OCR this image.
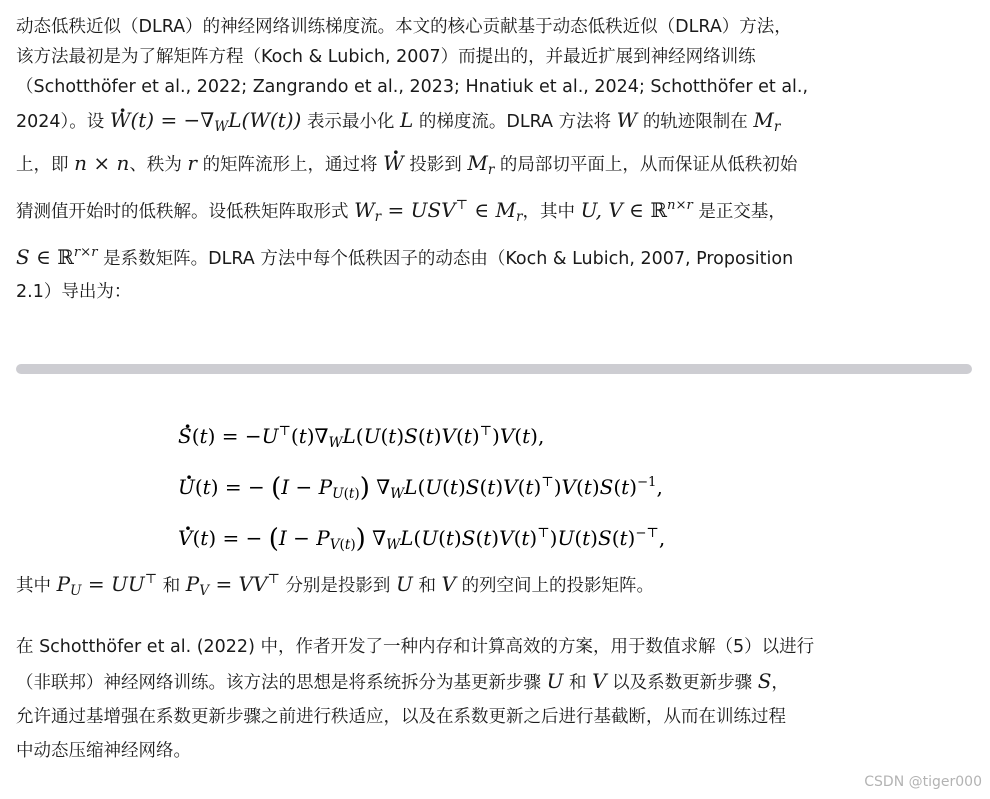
动态低秩近似（DLRA）的神经网络训练梯度流。本文的核心贡献基于动态低秩近似（DLRA）方法，
该方法最初是为了解矩阵方程（Koch & Lubich, 2007）而提出的，并最近扩展到神经网络训练
（Schotthöfer et al., 2022; Zangrando et al., 2023; Hnatiuk et al., 2024; Schotthöfer et al.,
2024）。设 · $W(t) = -\nabla_WL(W(t))$ 表示最小化 L 的梯度流。DLRA 方法将 W 的轨迹限制在 $M_r$
上，即 n × n、秩为 r 的矩阵流形上，通过将 · W 投影到 $M_r$ 的局部切平面上，从而保证从低秩初始
猜测值开始时的低秩解。设低秩矩阵取形式 $W_r = USV^⊤$ ∈ $M_r$，其中 U, V ∈ ℝ$^{n\times r}$ 是正交基，
S ∈ ℝ$^{r\times r}$ 是系数矩阵。DLRA 方法中每个低秩因子的动态由（Koch & Lubich, 2007, Proposition
2.1）导出为：
· $S(t) = -U^⊤(t)\nabla_WL(U(t)S(t)V(t)^⊤)V(t)$,
· U(t) = − $(I - P_{U(t)})$ $\nabla_WL(U(t)S(t)V(t)^⊤)V(t)S(t)^{-1}$,
· V(t) = − $(I - P_{V(t)})$ $\nabla_WL(U(t)S(t)V(t)^⊤)U(t)S(t)^{-⊤}$,
其中 $P_U = UU^⊤$ 和 $P_V = VV^⊤$ 分别是投影到 U 和 V 的列空间上的投影矩阵。
在 Schotthöfer et al. (2022) 中，作者开发了一种内存和计算高效的方案，用于数值求解（5）以进行
（非联邦）神经网络训练。该方法的思想是将系统拆分为基更新步骤 U 和 V 以及系数更新步骤 S，
允许通过基增强在系数更新步骤之前进行秩适应，以及在系数更新之后进行基截断，从而在训练过程
中动态压缩神经网络。
CSDN @tiger000
